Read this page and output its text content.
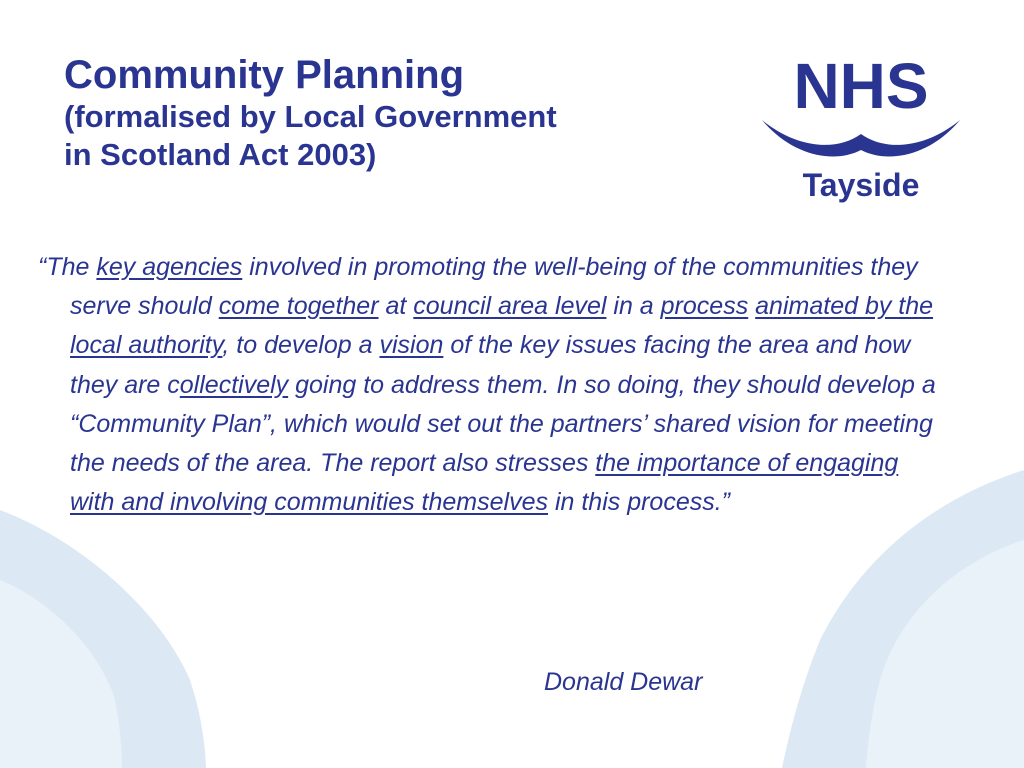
Community Planning

(formalised by Local Government

in Scotland Act 2003)

NHS
Tayside

“The key agencies involved in promoting the well-being of the communities they serve should come together at council area level in a process animated by the local authority, to develop a vision of the key issues facing the area and how they are collectively going to address them. In so doing, they should develop a “Community Plan”, which would set out the partners’ shared vision for meeting the needs of the area. The report also stresses the importance of engaging with and involving communities themselves in this process.”

Donald Dewar
